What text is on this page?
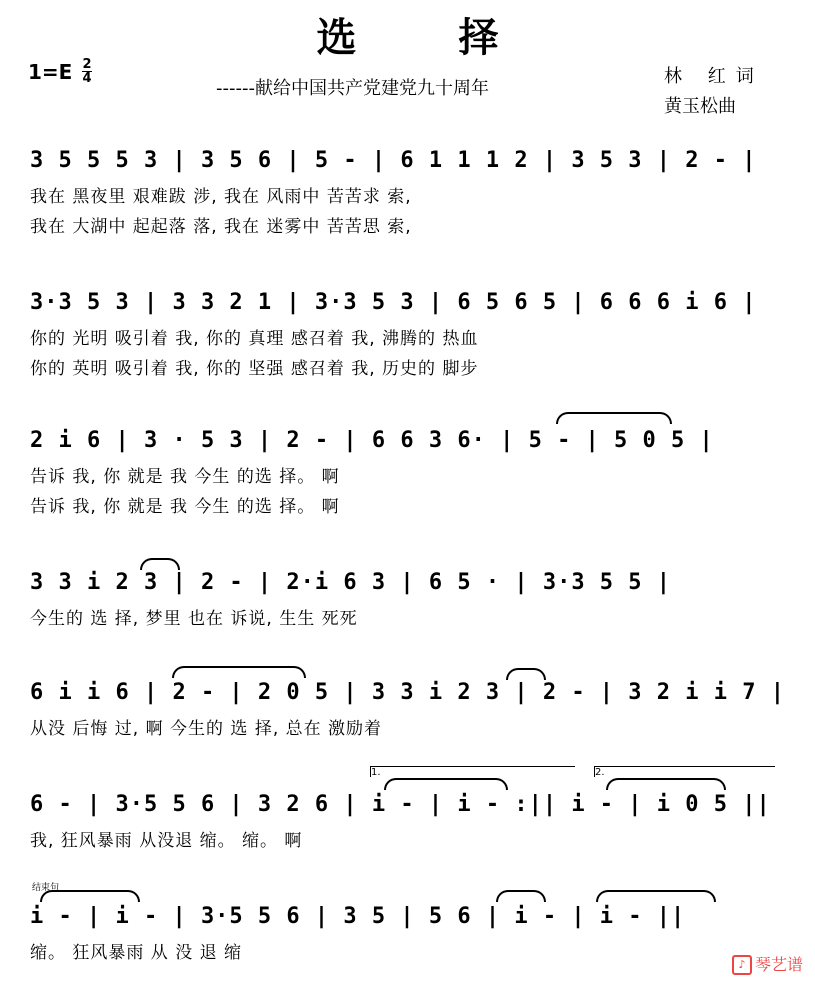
选 择
1=E 2
4	------献给中国共产党建党九十周年
林 红词
黄玉松曲
3 5 5 5 3 | 3 5 6 | 5 - | 6 1 1 1 2 | 3 5 3 | 2 - |
我在 黑夜里 艰难跋 涉, 我在 风雨中 苦苦求 索,
我在 大湖中 起起落 落, 我在 迷雾中 苦苦思 索,
3·3 5 3 | 3 3 2 1 | 3·3 5 3 | 6 5 6 5 | 6 6 6 i 6 |
你的 光明 吸引着 我, 你的 真理 感召着 我, 沸腾的 热血
你的 英明 吸引着 我, 你的 坚强 感召着 我, 历史的 脚步
2 i 6 | 3 · 5 3 | 2 - | 6 6 3 6· | 5 - | 5 0 5 |
告诉 我, 你 就是 我 今生 的选 择。 啊
告诉 我, 你 就是 我 今生 的选 择。 啊
3 3 i 2 3 | 2 - | 2·i 6 3 | 6 5 · | 3·3 5 5 |
今生的 选 择, 梦里 也在 诉说, 生生 死死
6 i i 6 | 2 - | 2 0 5 | 3 3 i 2 3 | 2 - | 3 2 i i 7 |
从没 后悔 过, 啊 今生的 选 择, 总在 激励着
1.	2.
6 - | 3·5 5 6 | 3 2 6 | i - | i - :|| i - | i 0 5 ||
我, 狂风暴雨 从没退 缩。 缩。 啊
结束句
i - | i - | 3·5 5 6 | 3 5 | 5 6 | i - | i - ||
缩。 狂风暴雨 从 没 退 缩
♪ 琴艺谱
